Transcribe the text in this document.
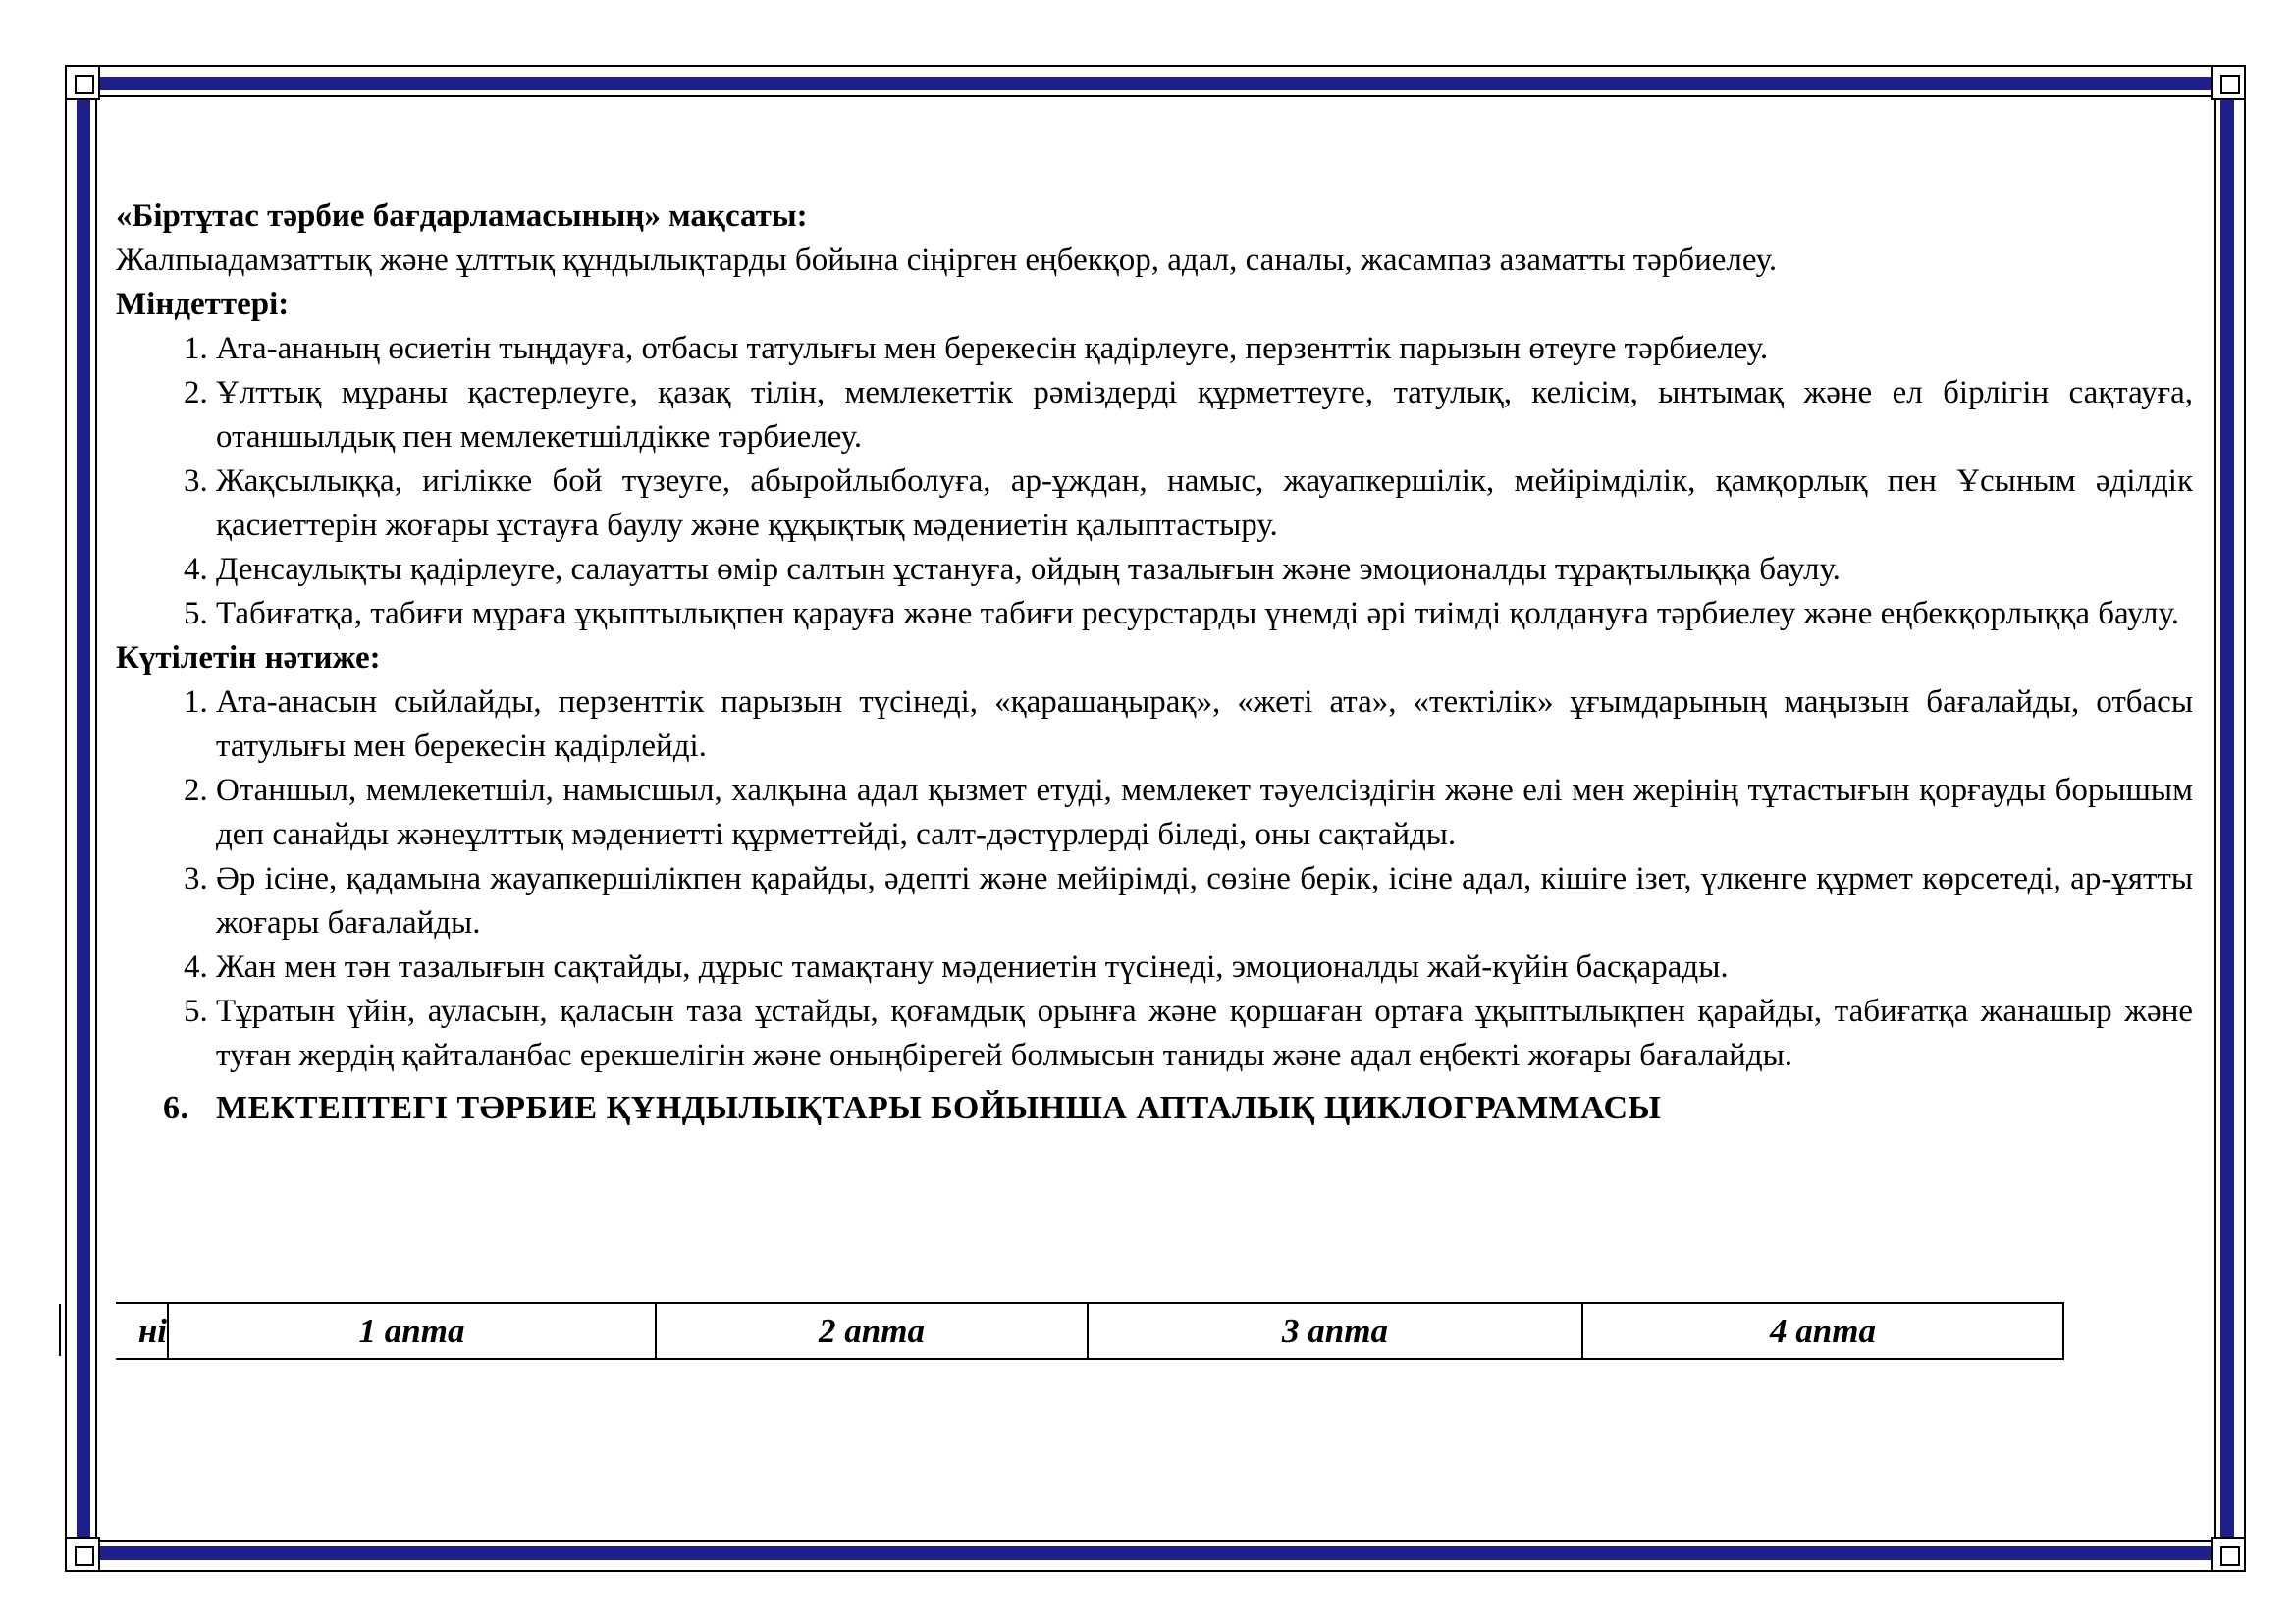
«Біртұтас тәрбие бағдарламасының» мақсаты:

Жалпыадамзаттық және ұлттық құндылықтарды бойына сіңірген еңбекқор, адал, саналы, жасампаз азаматты тәрбиелеу.

Міндеттері:

1. Ата-ананың өсиетін тыңдауға, отбасы татулығы мен берекесін қадірлеуге, перзенттік парызын өтеуге тәрбиелеу.
2. Ұлттық мұраны қастерлеуге, қазақ тілін, мемлекеттік рәміздерді құрметтеуге, татулық, келісім, ынтымақ және ел бірлігін сақтауға, отаншылдық пен мемлекетшілдікке тәрбиелеу.
3. Жақсылыққа, игілікке бой түзеуге, абыройлыболуға, ар-ұждан, намыс, жауапкершілік, мейірімділік, қамқорлық пен Ұсыным әділдік қасиеттерін жоғары ұстауға баулу және құқықтық мәдениетін қалыптастыру.
4. Денсаулықты қадірлеуге, салауатты өмір салтын ұстануға, ойдың тазалығын және эмоционалды тұрақтылыққа баулу.
5. Табиғатқа, табиғи мұраға ұқыптылықпен қарауға және табиғи ресурстарды үнемді әрі тиімді қолдануға тәрбиелеу және еңбекқорлыққа баулу.

Күтілетін нәтиже:

1. Ата-анасын сыйлайды, перзенттік парызын түсінеді, «қарашаңырақ», «жеті ата», «тектілік» ұғымдарының маңызын бағалайды, отбасы татулығы мен берекесін қадірлейді.
2. Отаншыл, мемлекетшіл, намысшыл, халқына адал қызмет етуді, мемлекет тәуелсіздігін және елі мен жерінің тұтастығын қорғауды борышым деп санайды жәнеұлттық мәдениетті құрметтейді, салт-дәстүрлерді біледі, оны сақтайды.
3. Әр ісіне, қадамына жауапкершілікпен қарайды, әдепті және мейірімді, сөзіне берік, ісіне адал, кішіге ізет, үлкенге құрмет көрсетеді, ар-ұятты жоғары бағалайды.
4. Жан мен тән тазалығын сақтайды, дұрыс тамақтану мәдениетін түсінеді, эмоционалды жай-күйін басқарады.
5. Тұратын үйін, ауласын, қаласын таза ұстайды, қоғамдық орынға және қоршаған ортаға ұқыптылықпен қарайды, табиғатқа жанашыр және туған жердің қайталанбас ерекшелігін және оныңбірегей болмысын таниды және адал еңбекті жоғары бағалайды.

6. МЕКТЕПТЕГІ ТӘРБИЕ ҚҰНДЫЛЫҚТАРЫ БОЙЫНША АПТАЛЫҚ ЦИКЛОГРАММАСЫ

ні	1 апта	2 апта	3 апта	4 апта
